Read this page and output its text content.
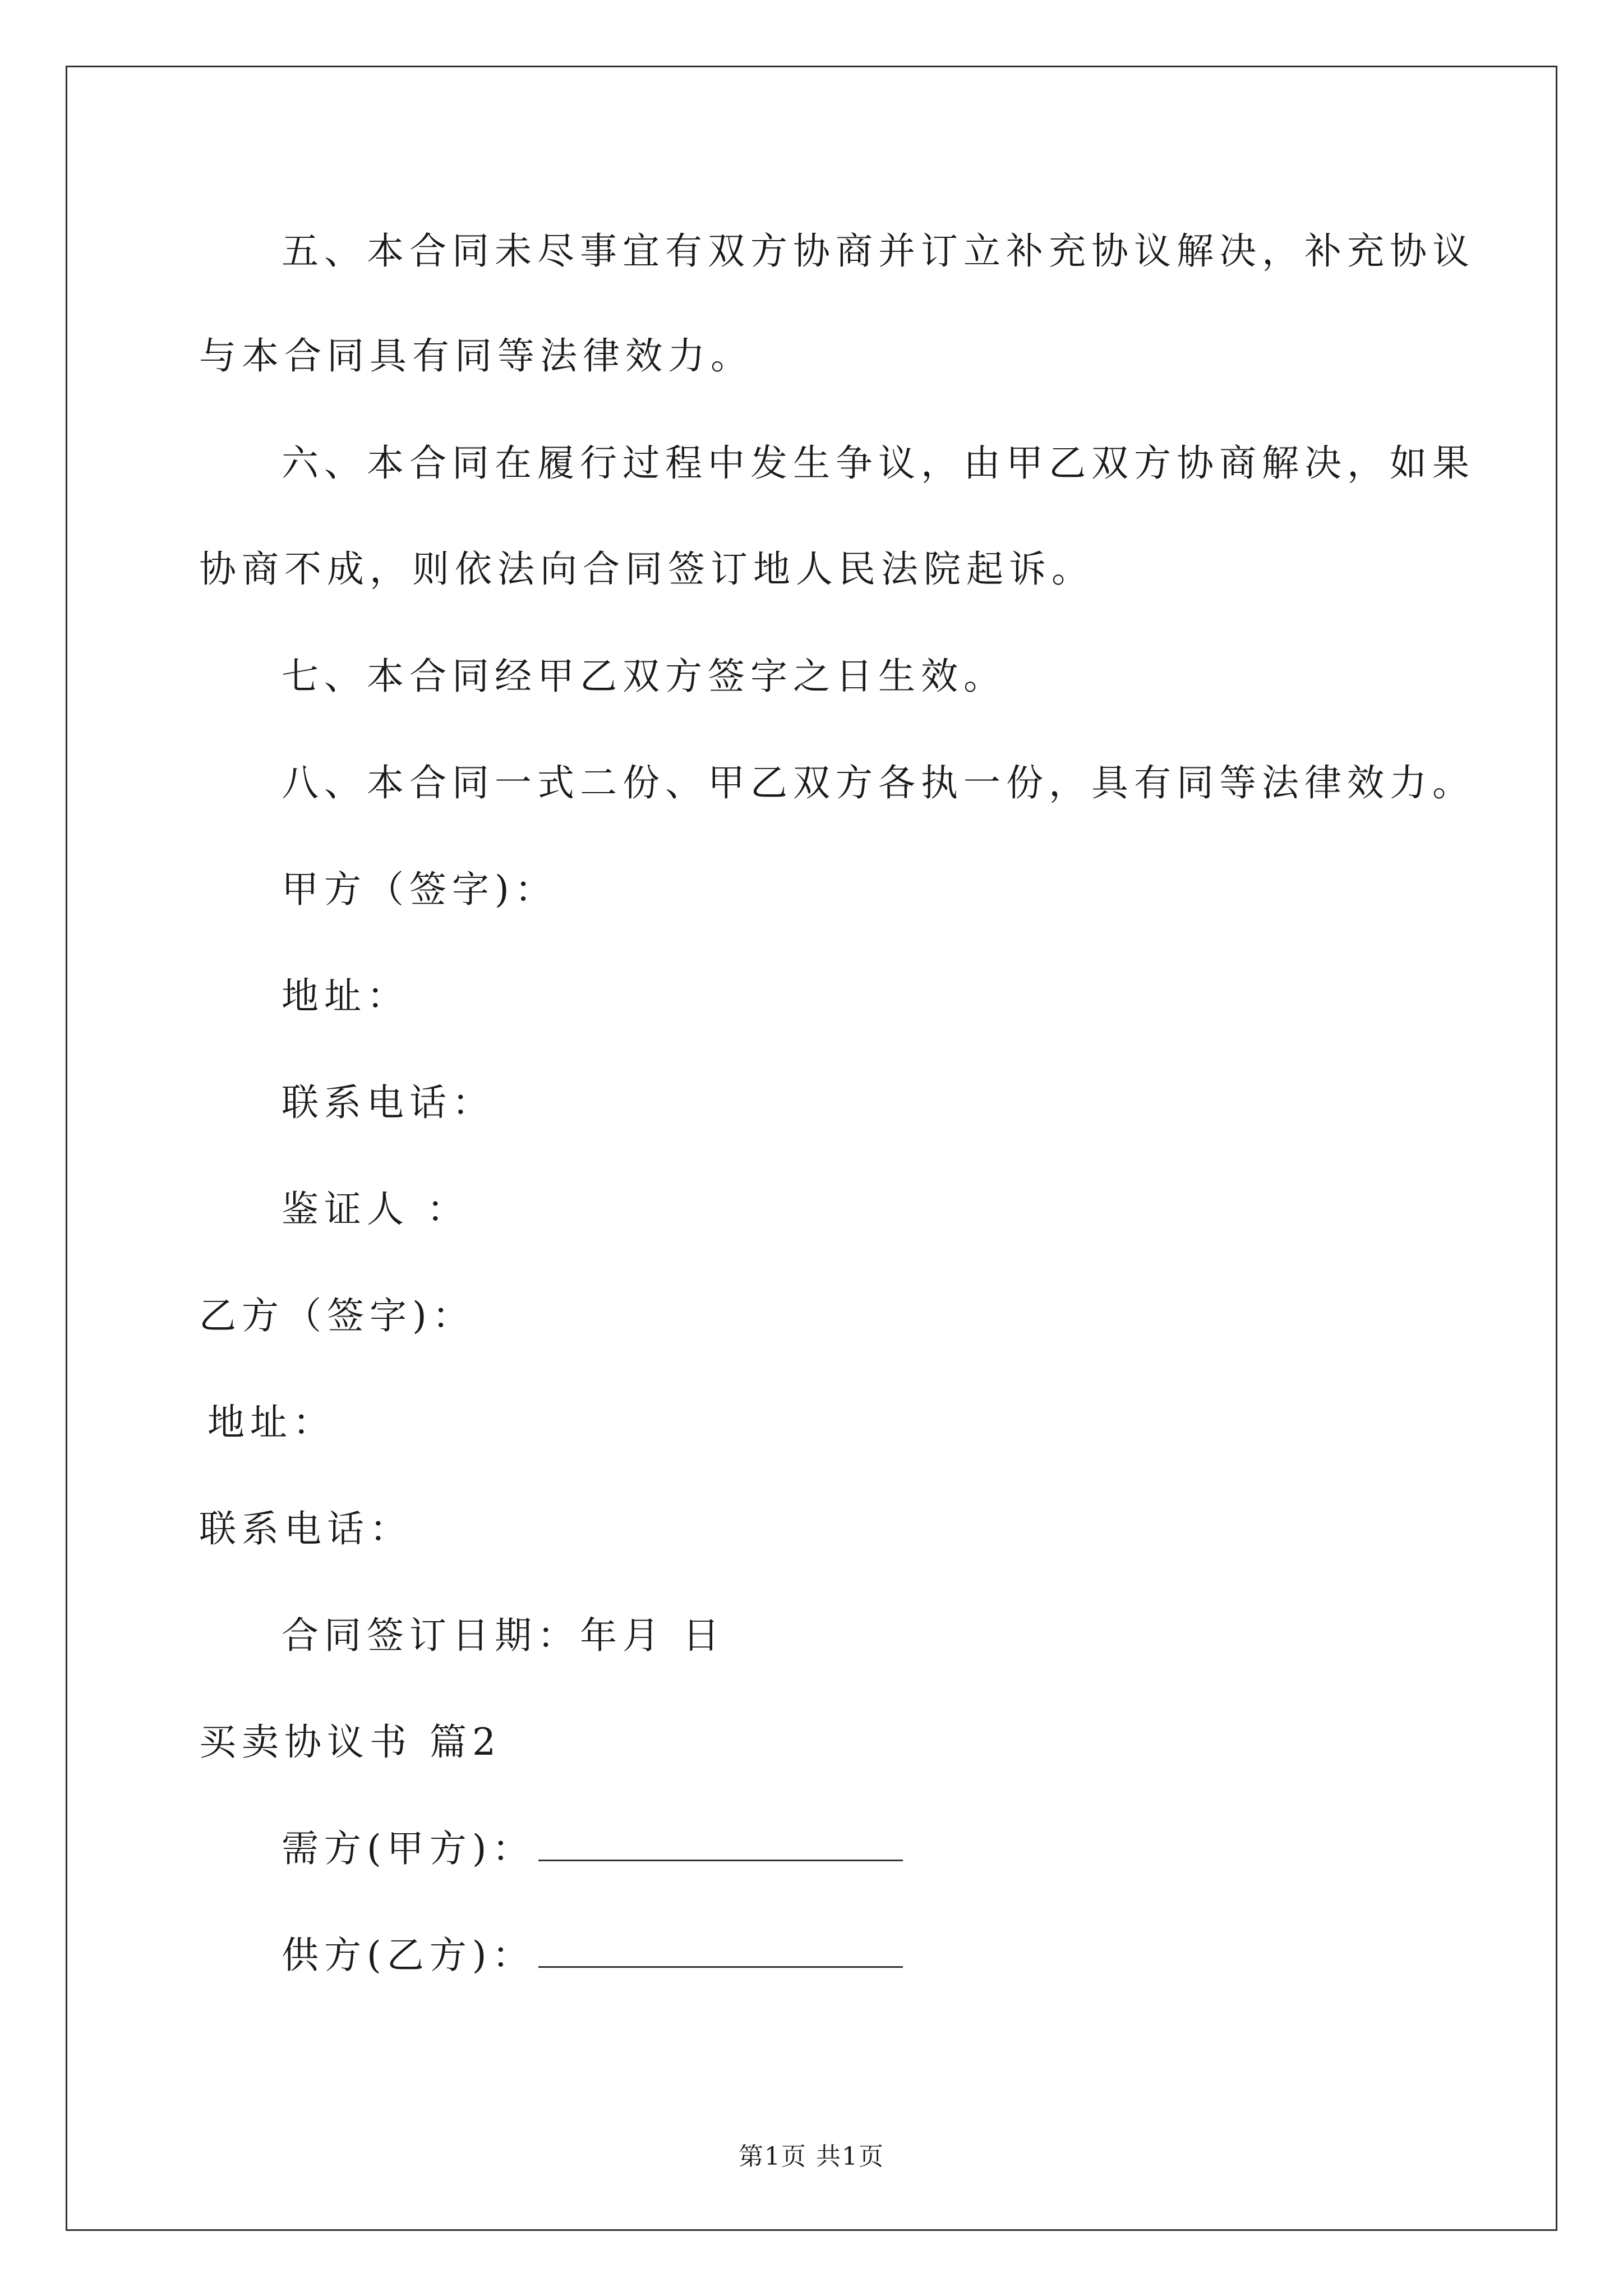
五、本合同未尽事宜有双方协商并订立补充协议解决，补充协议
与本合同具有同等法律效力。
六、本合同在履行过程中发生争议，由甲乙双方协商解决，如果
协商不成，则依法向合同签订地人民法院起诉。
七、本合同经甲乙双方签字之日生效。
八、本合同一式二份、甲乙双方各执一份，具有同等法律效力。
甲方（签字)：
地址：
联系电话：
鉴证人 ：
乙方（签字)：
地址：
联系电话：
合同签订日期：年月 日
买卖协议书 篇2
需方(甲方)：
供方(乙方)：
第1页 共1页
